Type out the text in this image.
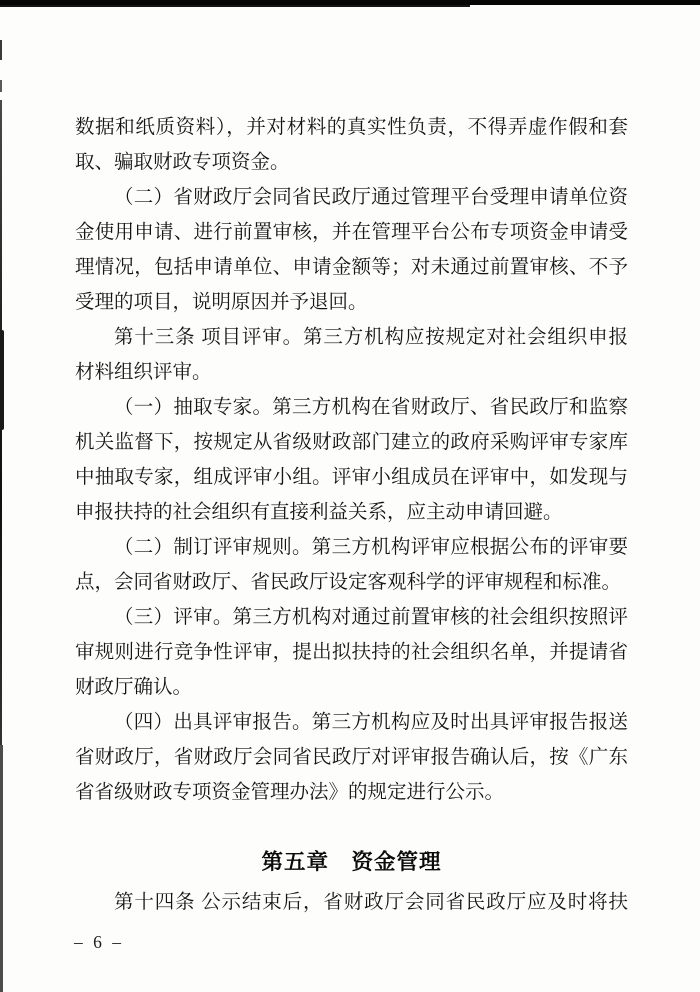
数据和纸质资料），并对材料的真实性负责，不得弄虚作假和套
取、骗取财政专项资金。
（二）省财政厅会同省民政厅通过管理平台受理申请单位资
金使用申请、进行前置审核，并在管理平台公布专项资金申请受
理情况，包括申请单位、申请金额等；对未通过前置审核、不予
受理的项目，说明原因并予退回。
第十三条 项目评审。第三方机构应按规定对社会组织申报
材料组织评审。
（一）抽取专家。第三方机构在省财政厅、省民政厅和监察
机关监督下，按规定从省级财政部门建立的政府采购评审专家库
中抽取专家，组成评审小组。评审小组成员在评审中，如发现与
申报扶持的社会组织有直接利益关系，应主动申请回避。
（二）制订评审规则。第三方机构评审应根据公布的评审要
点，会同省财政厅、省民政厅设定客观科学的评审规程和标准。
（三）评审。第三方机构对通过前置审核的社会组织按照评
审规则进行竞争性评审，提出拟扶持的社会组织名单，并提请省
财政厅确认。
（四）出具评审报告。第三方机构应及时出具评审报告报送
省财政厅，省财政厅会同省民政厅对评审报告确认后，按《广东
省省级财政专项资金管理办法》的规定进行公示。
第五章　资金管理
第十四条 公示结束后，省财政厅会同省民政厅应及时将扶
– 6 –
